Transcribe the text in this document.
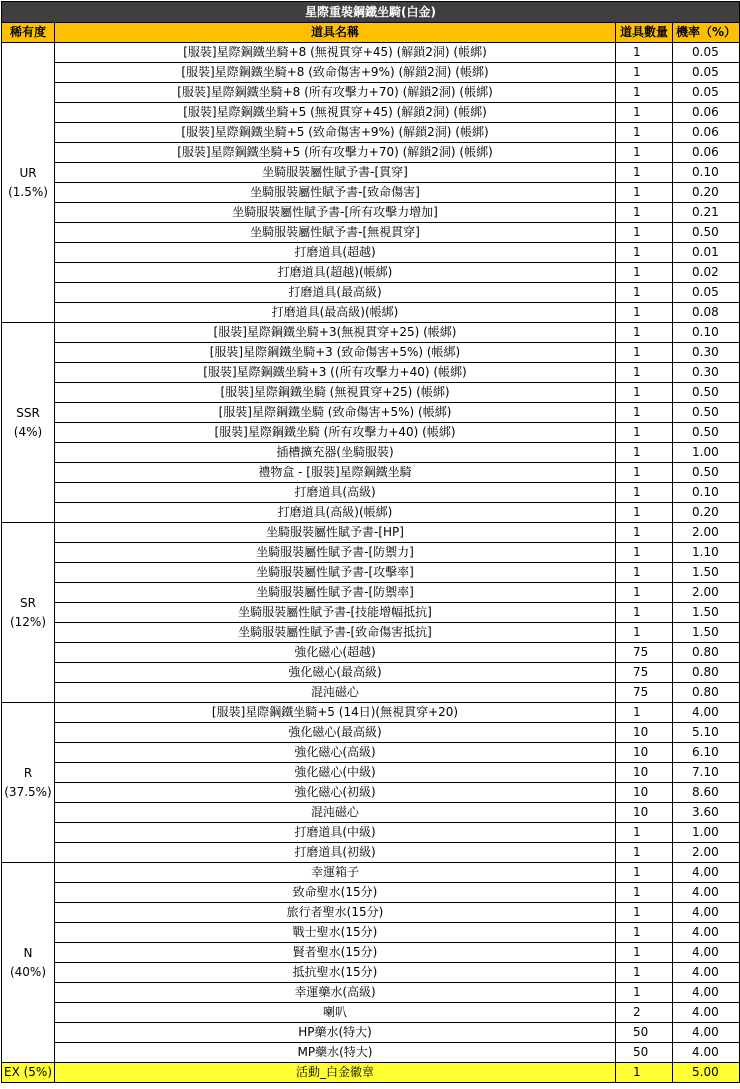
星際重裝鋼鐵坐騎(白金)			
稀有度	道具名稱	道具數量	機率（%）

UR
(1.5%)	[服裝]星際鋼鐵坐騎+8 (無視貫穿+45) (解鎖2洞) (帳綁)	1	0.05
	[服裝]星際鋼鐵坐騎+8 (致命傷害+9%) (解鎖2洞) (帳綁)	1	0.05
	[服裝]星際鋼鐵坐騎+8 (所有攻擊力+70) (解鎖2洞) (帳綁)	1	0.05
	[服裝]星際鋼鐵坐騎+5 (無視貫穿+45) (解鎖2洞) (帳綁)	1	0.06
	[服裝]星際鋼鐵坐騎+5 (致命傷害+9%) (解鎖2洞) (帳綁)	1	0.06
	[服裝]星際鋼鐵坐騎+5 (所有攻擊力+70) (解鎖2洞) (帳綁)	1	0.06
	坐騎服裝屬性賦予書-[貫穿]	1	0.10
	坐騎服裝屬性賦予書-[致命傷害]	1	0.20
	坐騎服裝屬性賦予書-[所有攻擊力增加]	1	0.21
	坐騎服裝屬性賦予書-[無視貫穿]	1	0.50
	打磨道具(超越)	1	0.01
	打磨道具(超越)(帳綁)	1	0.02
	打磨道具(最高級)	1	0.05
	打磨道具(最高級)(帳綁)	1	0.08

SSR
(4%)	[服裝]星際鋼鐵坐騎+3(無視貫穿+25) (帳綁)	1	0.10
	[服裝]星際鋼鐵坐騎+3 (致命傷害+5%) (帳綁)	1	0.30
	[服裝]星際鋼鐵坐騎+3 ((所有攻擊力+40) (帳綁)	1	0.30
	[服裝]星際鋼鐵坐騎 (無視貫穿+25) (帳綁)	1	0.50
	[服裝]星際鋼鐵坐騎 (致命傷害+5%) (帳綁)	1	0.50
	[服裝]星際鋼鐵坐騎 (所有攻擊力+40) (帳綁)	1	0.50
	插槽擴充器(坐騎服裝)	1	1.00
	禮物盒 - [服裝]星際鋼鐵坐騎	1	0.50
	打磨道具(高級)	1	0.10
	打磨道具(高級)(帳綁)	1	0.20

SR
(12%)	坐騎服裝屬性賦予書-[HP]	1	2.00
	坐騎服裝屬性賦予書-[防禦力]	1	1.10
	坐騎服裝屬性賦予書-[攻擊率]	1	1.50
	坐騎服裝屬性賦予書-[防禦率]	1	2.00
	坐騎服裝屬性賦予書-[技能增幅抵抗]	1	1.50
	坐騎服裝屬性賦予書-[致命傷害抵抗]	1	1.50
	強化磁心(超越)	75	0.80
	強化磁心(最高級)	75	0.80
	混沌磁心	75	0.80

R
(37.5%)	[服裝]星際鋼鐵坐騎+5 (14日)(無視貫穿+20)	1	4.00
	強化磁心(最高級)	10	5.10
	強化磁心(高級)	10	6.10
	強化磁心(中級)	10	7.10
	強化磁心(初級)	10	8.60
	混沌磁心	10	3.60
	打磨道具(中級)	1	1.00
	打磨道具(初級)	1	2.00

N
(40%)	幸運箱子	1	4.00
	致命聖水(15分)	1	4.00
	旅行者聖水(15分)	1	4.00
	戰士聖水(15分)	1	4.00
	賢者聖水(15分)	1	4.00
	抵抗聖水(15分)	1	4.00
	幸運藥水(高級)	1	4.00
	喇叭	2	4.00
	HP藥水(特大)	50	4.00
	MP藥水(特大)	50	4.00
EX (5%)	活動_白金徽章	1	5.00
